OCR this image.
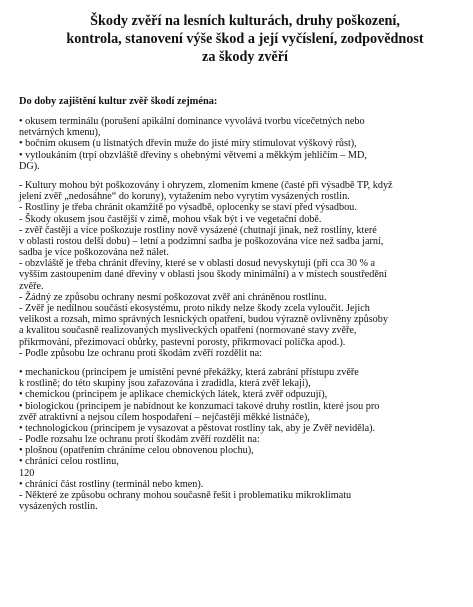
Škody zvěří na lesních kulturách, druhy poškození,
kontrola, stanovení výše škod a její vyčíslení, zodpovědnost
za škody zvěří

Do doby zajištění kultur zvěř škodí zejména:

• okusem terminálu (porušení apikální dominance vyvolává tvorbu vícečetných nebo
netvárných kmenu),
• bočním okusem (u listnatých dřevin muže do jisté míry stimulovat výškový růst),
• vytloukáním (trpí obzvláště dřeviny s ohebnými větvemi a měkkým jehličím – MD,
DG).
- Kultury mohou být poškozovány i ohryzem, zlomením kmene (časté při výsadbě TP, když
jelení zvěř „nedosáhne“ do koruny), vytažením nebo vyrytím vysázených rostlin.
- Rostliny je třeba chránit okamžitě po výsadbě, oplocenky se staví před výsadbou.
- Škody okusem jsou častější v zimě, mohou však být i ve vegetační době.
- zvěř častěji a více poškozuje rostliny nově vysázené (chutnají jinak, než rostliny, které
v oblasti rostou delší dobu) – letní a podzimní sadba je poškozována více než sadba jarní,
sadba je více poškozována než nálet.
- obzvláště je třeba chránit dřeviny, které se v oblasti dosud nevyskytují (při cca 30 % a
vyšším zastoupením dané dřeviny v oblasti jsou škody minimální) a v místech soustředění
zvěře.
- Žádný ze způsobu ochrany nesmí poškozovat zvěř ani chráněnou rostlinu.
- Zvěř je nedílnou součástí ekosystému, proto nikdy nelze škody zcela vyloučit. Jejich
velikost a rozsah, mimo správných lesnických opatření, budou výrazně ovlivněny způsoby
a kvalitou současně realizovaných mysliveckých opatření (normované stavy zvěře,
přikrmování, přezimovací obůrky, pastevní porosty, přikrmovací políčka apod.).
- Podle způsobu lze ochranu proti škodám zvěří rozdělit na:
• mechanickou (principem je umístění pevné překážky, která zabrání přístupu zvěře
k rostlině; do této skupiny jsou zařazována i zradidla, která zvěř lekají),
• chemickou (principem je aplikace chemických látek, která zvěř odpuzují),
• biologickou (principem je nabídnout ke konzumaci takové druhy rostlin, které jsou pro
zvěř atraktivní a nejsou cílem hospodaření – nejčastěji měkké listnáče),
• technologickou (principem je vysazovat a pěstovat rostliny tak, aby je Zvěř neviděla).
- Podle rozsahu lze ochranu proti škodám zvěří rozdělit na:
• plošnou (opatřením chráníme celou obnovenou plochu),
• chránící celou rostlinu,
120
• chránící část rostliny (terminál nebo kmen).
- Některé ze způsobu ochrany mohou současně řešit i problematiku mikroklimatu
vysázených rostlin.
